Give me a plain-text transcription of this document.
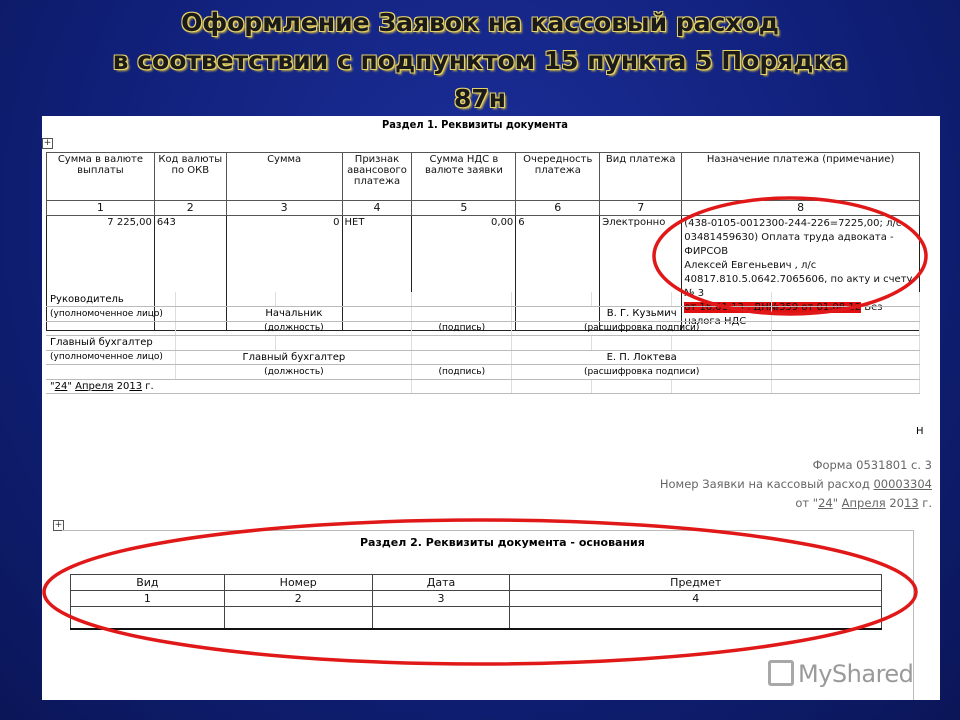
Оформление Заявок на кассовый расход
в соответствии с подпунктом 15 пункта 5 Порядка
87н
+
Раздел 1. Реквизиты документа
Сумма в валюте выплаты	Код валюты по ОКВ	Сумма	Признак авансового платежа	Сумма НДС в валюте заявки	Очередность платежа	Вид платежа	Назначение платежа (примечание)
1	2	3	4	5	6	7	8
7 225,00	643	0	НЕТ	0,00	6	Электронно	(438-0105-0012300-244-226=7225,00; л/с
03481459630) Оплата труда адвоката - ФИРСОВ
Алексей Евгеньевич , л/с
40817.810.5.0642.7065606, по акту и счету № 3
от 16.01.13 , ДН№359 от 01.08.12 Без налога НДС
Руководитель							
(уполномоченное лицо)	Начальник			В. Г. Кузьмич			
	(должность)		(подпись)	(расшифровка подписи)			
Главный бухгалтер							
(уполномоченное лицо)	Главный бухгалтер			Е. П. Локтева			
	(должность)		(подпись)	(расшифровка подписи)			
"24" Апреля 2013 г.							
Н
Форма 0531801 с. 3
Номер Заявки на кассовый расход 00003304
от "24" Апреля 2013 г.
+
Раздел 2. Реквизиты документа - основания
Вид	Номер	Дата	Предмет
1	2	3	4

MyShared
